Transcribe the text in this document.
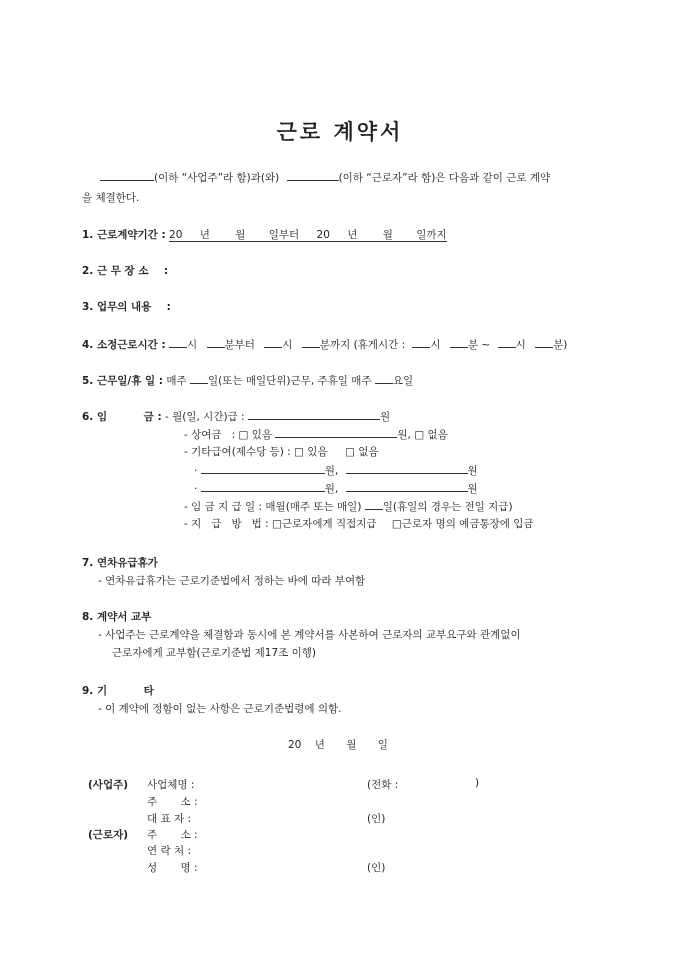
근로 계약서
(이하 “사업주”라 함)과(와)	(이하 “근로자”라 함)은 다음과 같이 근로 계약
을 체결한다.
1. 근로계약기간 : 20 년 월 일부터 20 년 월 일까지
2. 근 무 장 소 :
3. 업무의 내용 :
4. 소정근로시간 : 시	분부터	시	분까지 (휴게시간 : 시	분 ~ 시	분)
5. 근무일/휴 일 : 매주 일(또는 매일단위)근무, 주휴일 매주 요일
6. 임          금 : - 월(일, 시간)급 :	원
- 상여금   : □ 있음	원, □ 없음
- 기타급여(제수당 등) : □ 있음 □ 없음
·	원,	원
·	원,	원
- 임 금 지 급 일 : 매월(매주 또는 매일) 일(휴일의 경우는 전일 지급)
- 지   급   방   법 : □근로자에게 직접지급 □근로자 명의 예금통장에 입금
7. 연차유급휴가
- 연차유급휴가는 근로기준법에서 정하는 바에 따라 부여함
8. 계약서 교부
- 사업주는 근로계약을 체결함과 동시에 본 계약서를 사본하여 근로자의 교부요구와 관계없이
근로자에게 교부함(근로기준법 제17조 이행)
9. 기          타
- 이 계약에 정함이 없는 사항은 근로기준법령에 의함.
20 년 월 일
(사업주) 사업체명 :	(전화 :	)
주       소 :
대 표 자 :	(인)
(근로자) 주       소 :
연 락 처 :
성       명 :	(인)
